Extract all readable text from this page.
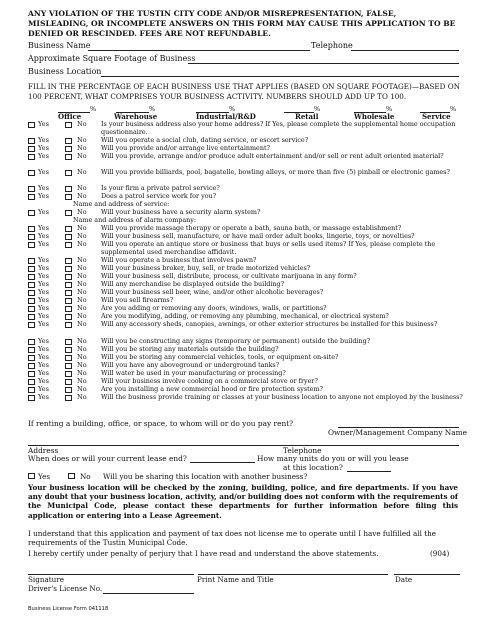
ANY VIOLATION OF THE TUSTIN CITY CODE AND/OR MISREPRESENTATION, FALSE, MISLEADING, OR INCOMPLETE ANSWERS ON THIS FORM MAY CAUSE THIS APPLICATION TO BE DENIED OR RESCINDED. FEES ARE NOT REFUNDABLE.
Business Name	Telephone
Approximate Square Footage of Business
Business Location
FILL IN THE PERCENTAGE OF EACH BUSINESS USE THAT APPLIES (BASED ON SQUARE FOOTAGE)—BASED ON 100 PERCENT, WHAT COMPRISES YOUR BUSINESS ACTIVITY. NUMBERS SHOULD ADD UP TO 100.
%	%	%	%	%	%
Office	Warehouse	Industrial/R&D	Retail	Wholesale	Service
Yes	No Is your business address also your home address? If Yes, please complete the supplemental home occupation questionnaire.
Yes	No Will you operate a social club, dating service, or escort service?
Yes	No Will you provide and/or arrange live entertainment?
Yes	No Will you provide, arrange and/or produce adult entertainment and/or sell or rent adult oriented material?
Yes	No Will you provide billiards, pool, bagatelle, bowling alleys, or more than five (5) pinball or electronic games?
Yes	No Is your firm a private patrol service?
Yes	No Does a patrol service work for you?
Name and address of service:
Yes	No Will your business have a security alarm system?
Name and address of alarm company:
Yes	No Will you provide massage therapy or operate a bath, sauna bath, or massage establishment?
Yes	No Will your business sell, manufacture, or have mail order adult books, lingerie, toys, or novelties?
Yes	No Will you operate an antique store or business that buys or sells used items? If Yes, please complete the supplemental used merchandise affidavit.
Yes	No Will you operate a business that involves pawn?
Yes	No Will your business broker, buy, sell, or trade motorized vehicles?
Yes	No Will your business sell, distribute, process, or cultivate marijuana in any form?
Yes	No Will any merchandise be displayed outside the building?
Yes	No Will your business sell beer, wine, and/or other alcoholic beverages?
Yes	No Will you sell firearms?
Yes	No Are you adding or removing any doors, windows, walls, or partitions?
Yes	No Are you modifying, adding, or removing any plumbing, mechanical, or electrical system?
Yes	No Will any accessory sheds, canopies, awnings, or other exterior structures be installed for this business?
Yes	No Will you be constructing any signs (temporary or permanent) outside the building?
Yes	No Will you be storing any materials outside the building?
Yes	No Will you be storing any commercial vehicles, tools, or equipment on-site?
Yes	No Will you have any aboveground or underground tanks?
Yes	No Will water be used in your manufacturing or processing?
Yes	No Will your business involve cooking on a commercial stove or fryer?
Yes	No Are you installing a new commercial hood or fire protection system?
Yes	No Will the business provide training or classes at your business location to anyone not employed by the business?
If renting a building, office, or space, to whom will or do you pay rent?
Owner/Management Company Name
Address	Telephone
When does or will your current lease end?	How many units do you or will you lease
at this location?
Yes	No Will you be sharing this location with another business?
Your business location will be checked by the zoning, building, police, and fire departments. If you have any doubt that your business location, activity, and/or building does not conform with the requirements of the Municipal Code, please contact these departments for further information before filing this application or entering into a Lease Agreement.
I understand that this application and payment of tax does not license me to operate until I have fulfilled all the requirements of the Tustin Municipal Code.
I hereby certify under penalty of perjury that I have read and understand the above statements.	(904)
Signature	Print Name and Title	Date
Driver's License No.
Business License Form 041118
